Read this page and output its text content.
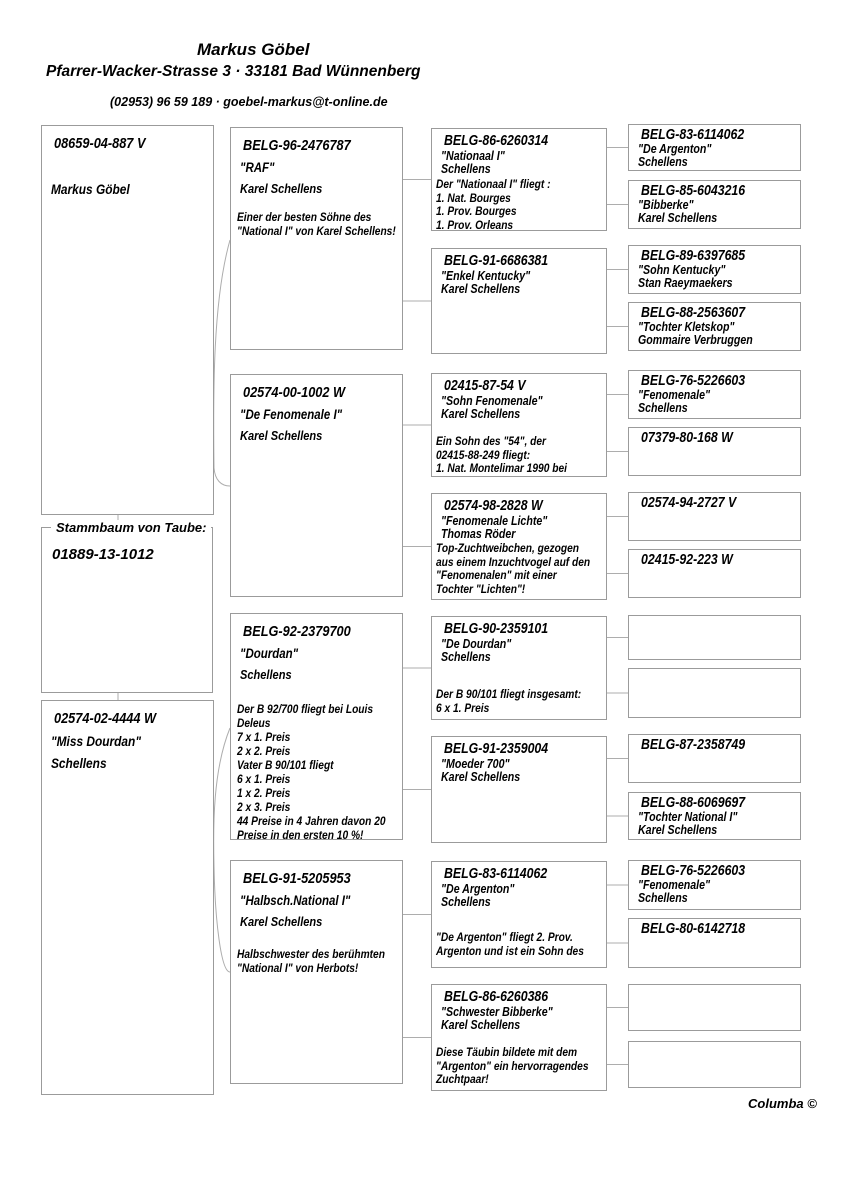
Markus Göbel
Pfarrer-Wacker-Strasse 3 · 33181 Bad Wünnenberg
(02953) 96 59 189 · goebel-markus@t-online.de
08659-04-887 V
Markus Göbel
02574-02-4444 W
"Miss Dourdan"
Schellens
BELG-96-2476787
"RAF"
Karel Schellens
Einer der besten Söhne des
"National I" von Karel Schellens!
02574-00-1002 W
"De Fenomenale I"
Karel Schellens
BELG-92-2379700
"Dourdan"
Schellens
Der B 92/700 fliegt bei Louis
Deleus
7 x 1. Preis
2 x 2. Preis
Vater B 90/101 fliegt
6 x 1. Preis
1 x 2. Preis
2 x 3. Preis
44 Preise in 4 Jahren davon 20
Preise in den ersten 10 %!
BELG-91-5205953
"Halbsch.National I"
Karel Schellens
Halbschwester des berühmten
"National I" von Herbots!
BELG-86-6260314
"Nationaal I"
Schellens
Der "Nationaal I" fliegt :
1. Nat. Bourges
1. Prov. Bourges
1. Prov. Orleans
BELG-91-6686381
"Enkel Kentucky"
Karel Schellens
02415-87-54 V
"Sohn Fenomenale"
Karel Schellens
Ein Sohn des "54", der
02415-88-249 fliegt:
1. Nat. Montelimar 1990 bei
02574-98-2828 W
"Fenomenale Lichte"
Thomas Röder
Top-Zuchtweibchen, gezogen
aus einem Inzuchtvogel auf den
"Fenomenalen" mit einer
Tochter "Lichten"!
BELG-90-2359101
"De Dourdan"
Schellens
Der B 90/101 fliegt insgesamt:
6 x 1. Preis
BELG-91-2359004
"Moeder 700"
Karel Schellens
BELG-83-6114062
"De Argenton"
Schellens
"De Argenton" fliegt 2. Prov.
Argenton und ist ein Sohn des
BELG-86-6260386
"Schwester Bibberke"
Karel Schellens
Diese Täubin bildete mit dem
"Argenton" ein hervorragendes
Zuchtpaar!
BELG-83-6114062
"De Argenton"
Schellens
BELG-85-6043216
"Bibberke"
Karel Schellens
BELG-89-6397685
"Sohn Kentucky"
Stan Raeymaekers
BELG-88-2563607
"Tochter Kletskop"
Gommaire Verbruggen
BELG-76-5226603
"Fenomenale"
Schellens
07379-80-168 W
02574-94-2727 V
02415-92-223 W
BELG-87-2358749
BELG-88-6069697
"Tochter National I"
Karel Schellens
BELG-76-5226603
"Fenomenale"
Schellens
BELG-80-6142718
Stammbaum von Taube:
01889-13-1012
Columba ©
